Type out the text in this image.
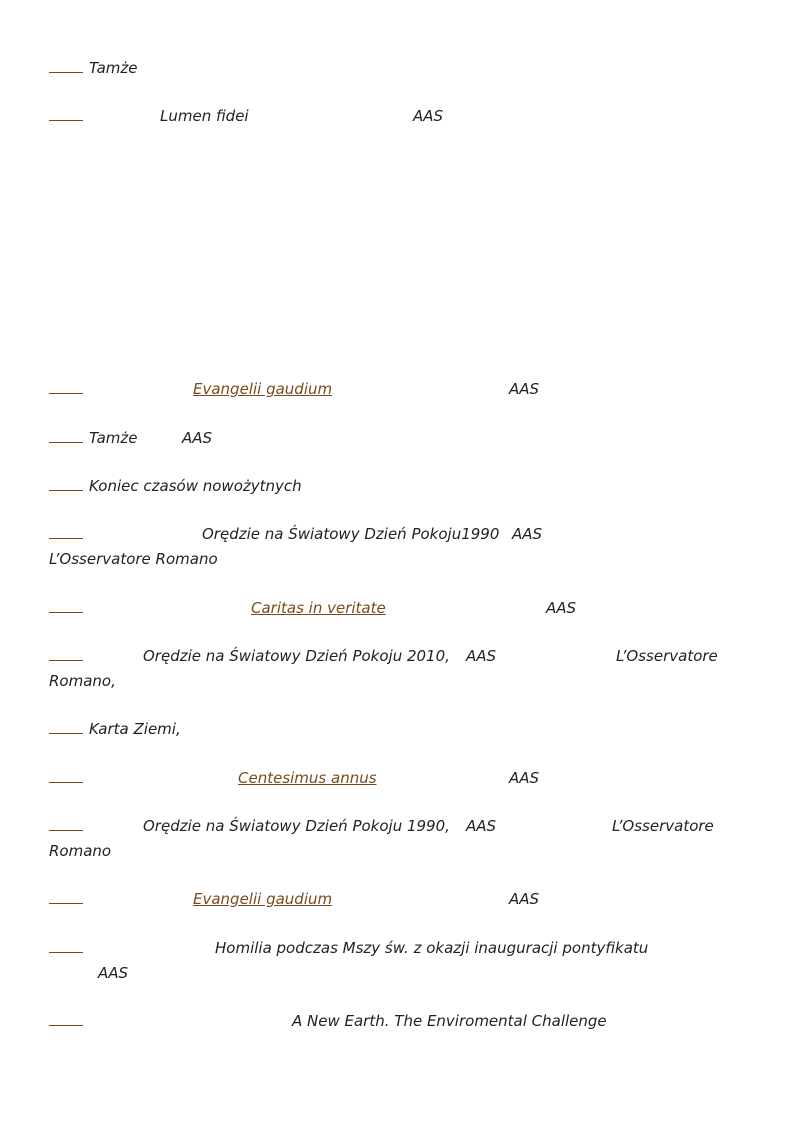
Tamże
Lumen fidei	AAS
Evangelii gaudium	AAS
Tamże	AAS
Koniec czasów nowożytnych
Orędzie na Światowy Dzień Pokoju1990 AAS
L’Osservatore Romano
Caritas in veritate	AAS
Orędzie na Światowy Dzień Pokoju 2010, AAS	L’Osservatore
Romano,
Karta Ziemi,
Centesimus annus	AAS
Orędzie na Światowy Dzień Pokoju 1990, AAS	L’Osservatore
Romano
Evangelii gaudium	AAS
Homilia podczas Mszy św. z okazji inauguracji pontyfikatu
AAS
A New Earth. The Enviromental Challenge
